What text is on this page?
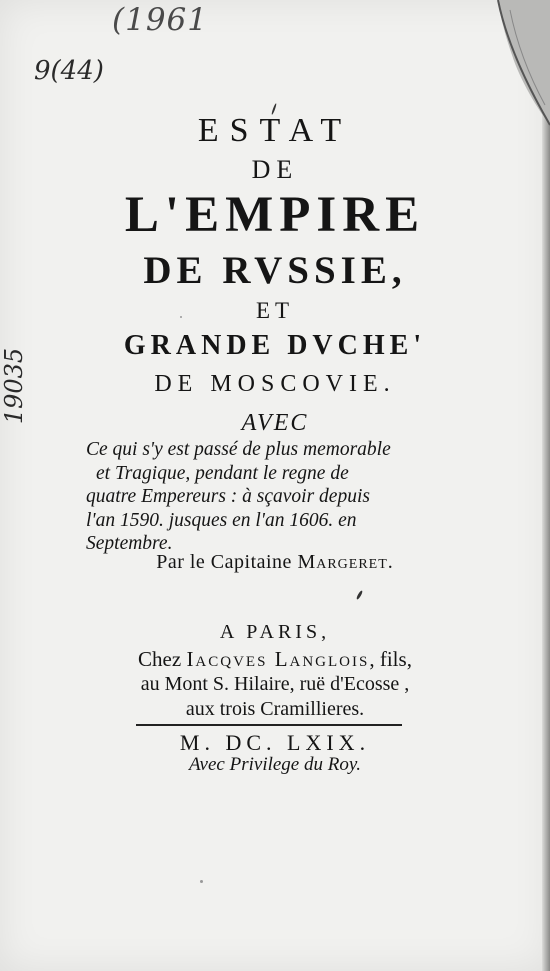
(1961
9(44)
19035
ESTAT
DE
L'EMPIRE
DE RVSSIE,
ET
GRANDE DVCHE'
DE MOSCOVIE.
AVEC
Ce qui s'y est passé de plus memorable
et Tragique, pendant le regne de
quatre Empereurs : à sçavoir depuis
l'an 1590. jusques en l'an 1606. en
Septembre.
Par le Capitaine Margeret.
A PARIS,
Chez Iacqves Langlois, fils,
au Mont S. Hilaire, ruë d'Ecosse ,
aux trois Cramillieres.
M. DC. LXIX.
Avec Privilege du Roy.
